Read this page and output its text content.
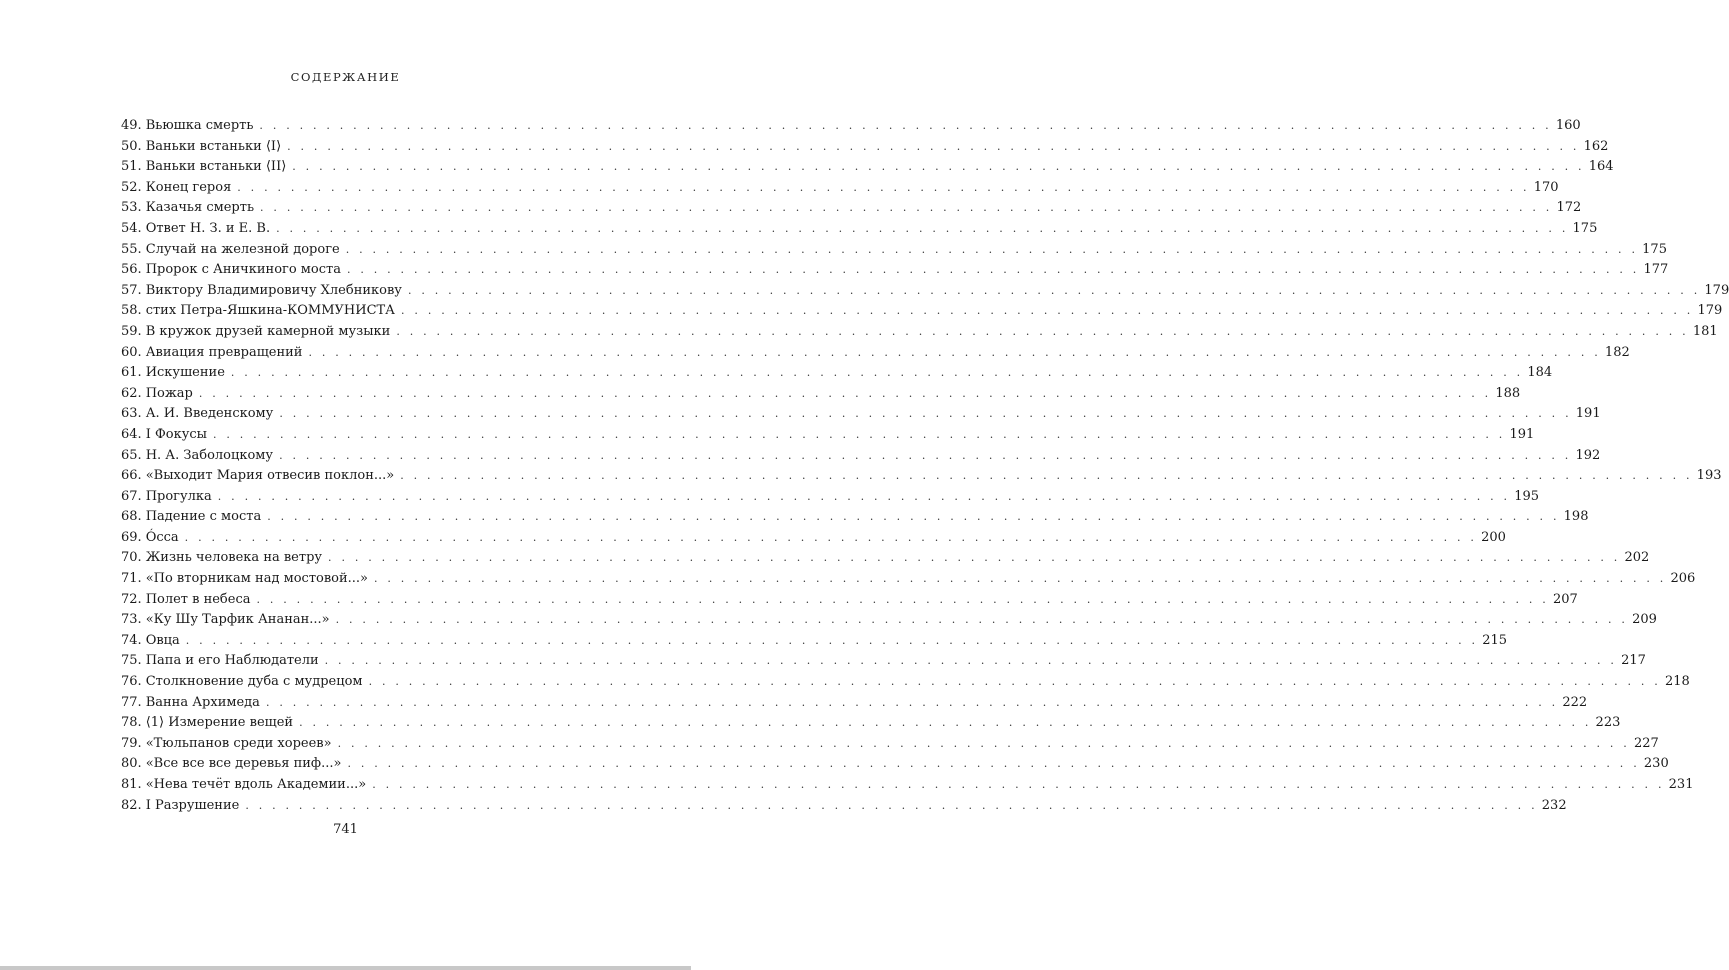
СОДЕРЖАНИЕ
49. Вьюшка смерть . . .	160
50. Ваньки встаньки ⟨I⟩ . . .	162
51. Ваньки встаньки ⟨II⟩ . . .	164
52. Конец героя . . .	170
53. Казачья смерть . . .	172
54. Ответ Н. З. и Е. В. . . .	175
55. Случай на железной дороге . . .	175
56. Пророк с Аничкиного моста . . .	177
57. Виктору Владимировичу Хлебникову . . .	179
58. стих Петра-Яшкина-КОММУНИСТА . . .	179
59. В кружок друзей камерной музыки . . .	181
60. Авиация превращений . . .	182
61. Искушение . . .	184
62. Пожар . . .	188
63. А. И. Введенскому . . .	191
64. I Фокусы . . .	191
65. Н. А. Заболоцкому . . .	192
66. «Выходит Мария отвесив поклон...» . . .	193
67. Прогулка . . .	195
68. Падение с моста . . .	198
69. Óсса . . .	200
70. Жизнь человека на ветру . . .	202
71. «По вторникам над мостовой...» . . .	206
72. Полет в небеса . . .	207
73. «Ку Шу Тарфик Ананан...» . . .	209
74. Овца . . .	215
75. Папа и его Наблюдатели . . .	217
76. Столкновение дуба с мудрецом . . .	218
77. Ванна Архимеда . . .	222
78. ⟨1⟩ Измерение вещей . . .	223
79. «Тюльпанов среди хореев» . . .	227
80. «Все все все деревья пиф...» . . .	230
81. «Нева течёт вдоль Академии...» . . .	231
82. I Разрушение . . .	232
741
